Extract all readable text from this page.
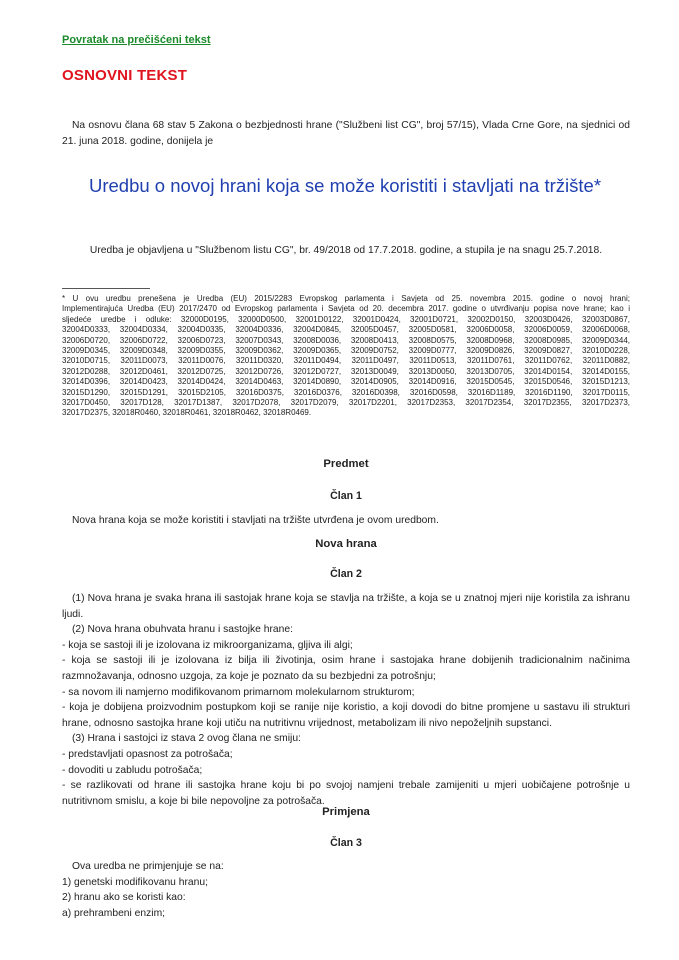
Povratak na prečišćeni tekst
OSNOVNI TEKST
Na osnovu člana 68 stav 5 Zakona o bezbjednosti hrane ("Službeni list CG", broj 57/15), Vlada Crne Gore, na sjednici od 21. juna 2018. godine, donijela je
Uredbu o novoj hrani koja se može koristiti i stavljati na tržište*
Uredba je objavljena u "Službenom listu CG", br. 49/2018 od 17.7.2018. godine, a stupila je na snagu 25.7.2018.
* U ovu uredbu prenešena je Uredba (EU) 2015/2283 Evropskog parlamenta i Savjeta od 25. novembra 2015. godine o novoj hrani;
Implementirajuća Uredba (EU) 2017/2470 od Evropskog parlamenta i Savjeta od 20. decembra 2017. godine o utvrđivanju popisa nove hrane; kao i
sljedeće uredbe i odluke: 32000D0195, 32000D0500, 32001D0122, 32001D0424, 32001D0721, 32002D0150, 32003D0426, 32003D0867,
32004D0333, 32004D0334, 32004D0335, 32004D0336, 32004D0845, 32005D0457, 32005D0581, 32006D0058, 32006D0059, 32006D0068,
32006D0720, 32006D0722, 32006D0723, 32007D0343, 32008D0036, 32008D0413, 32008D0575, 32008D0968, 32008D0985, 32009D0344,
32009D0345, 32009D0348, 32009D0355, 32009D0362, 32009D0365, 32009D0752, 32009D0777, 32009D0826, 32009D0827, 32010D0228,
32010D0715, 32011D0073, 32011D0076, 32011D0320, 32011D0494, 32011D0497, 32011D0513, 32011D0761, 32011D0762, 32011D0882,
32012D0288, 32012D0461, 32012D0725, 32012D0726, 32012D0727, 32013D0049, 32013D0050, 32013D0705, 32014D0154, 32014D0155,
32014D0396, 32014D0423, 32014D0424, 32014D0463, 32014D0890, 32014D0905, 32014D0916, 32015D0545, 32015D0546, 32015D1213,
32015D1290, 32015D1291, 32015D2105, 32016D0375, 32016D0376, 32016D0398, 32016D0598, 32016D1189, 32016D1190, 32017D0115,
32017D0450, 32017D128, 32017D1387, 32017D2078, 32017D2079, 32017D2201, 32017D2353, 32017D2354, 32017D2355, 32017D2373,
32017D2375, 32018R0460, 32018R0461, 32018R0462, 32018R0469.
Predmet
Član 1

Nova hrana koja se može koristiti i stavljati na tržište utvrđena je ovom uredbom.

Nova hrana
Član 2

(1) Nova hrana je svaka hrana ili sastojak hrane koja se stavlja na tržište, a koja se u znatnoj mjeri nije koristila za ishranu ljudi.

(2) Nova hrana obuhvata hranu i sastojke hrane:

- koja se sastoji ili je izolovana iz mikroorganizama, gljiva ili algi;

- koja se sastoji ili je izolovana iz bilja ili životinja, osim hrane i sastojaka hrane dobijenih tradicionalnim načinima razmnožavanja, odnosno uzgoja, za koje je poznato da su bezbjedni za potrošnju;

- sa novom ili namjerno modifikovanom primarnom molekularnom strukturom;

- koja je dobijena proizvodnim postupkom koji se ranije nije koristio, a koji dovodi do bitne promjene u sastavu ili strukturi hrane, odnosno sastojka hrane koji utiču na nutritivnu vrijednost, metabolizam ili nivo nepoželjnih supstanci.

(3) Hrana i sastojci iz stava 2 ovog člana ne smiju:

- predstavljati opasnost za potrošača;

- dovoditi u zabludu potrošača;

- se razlikovati od hrane ili sastojka hrane koju bi po svojoj namjeni trebale zamijeniti u mjeri uobičajene potrošnje u nutritivnom smislu, a koje bi bile nepovoljne za potrošača.

Primjena
Član 3

Ova uredba ne primjenjuje se na:

1) genetski modifikovanu hranu;

2) hranu ako se koristi kao:

a) prehrambeni enzim;
